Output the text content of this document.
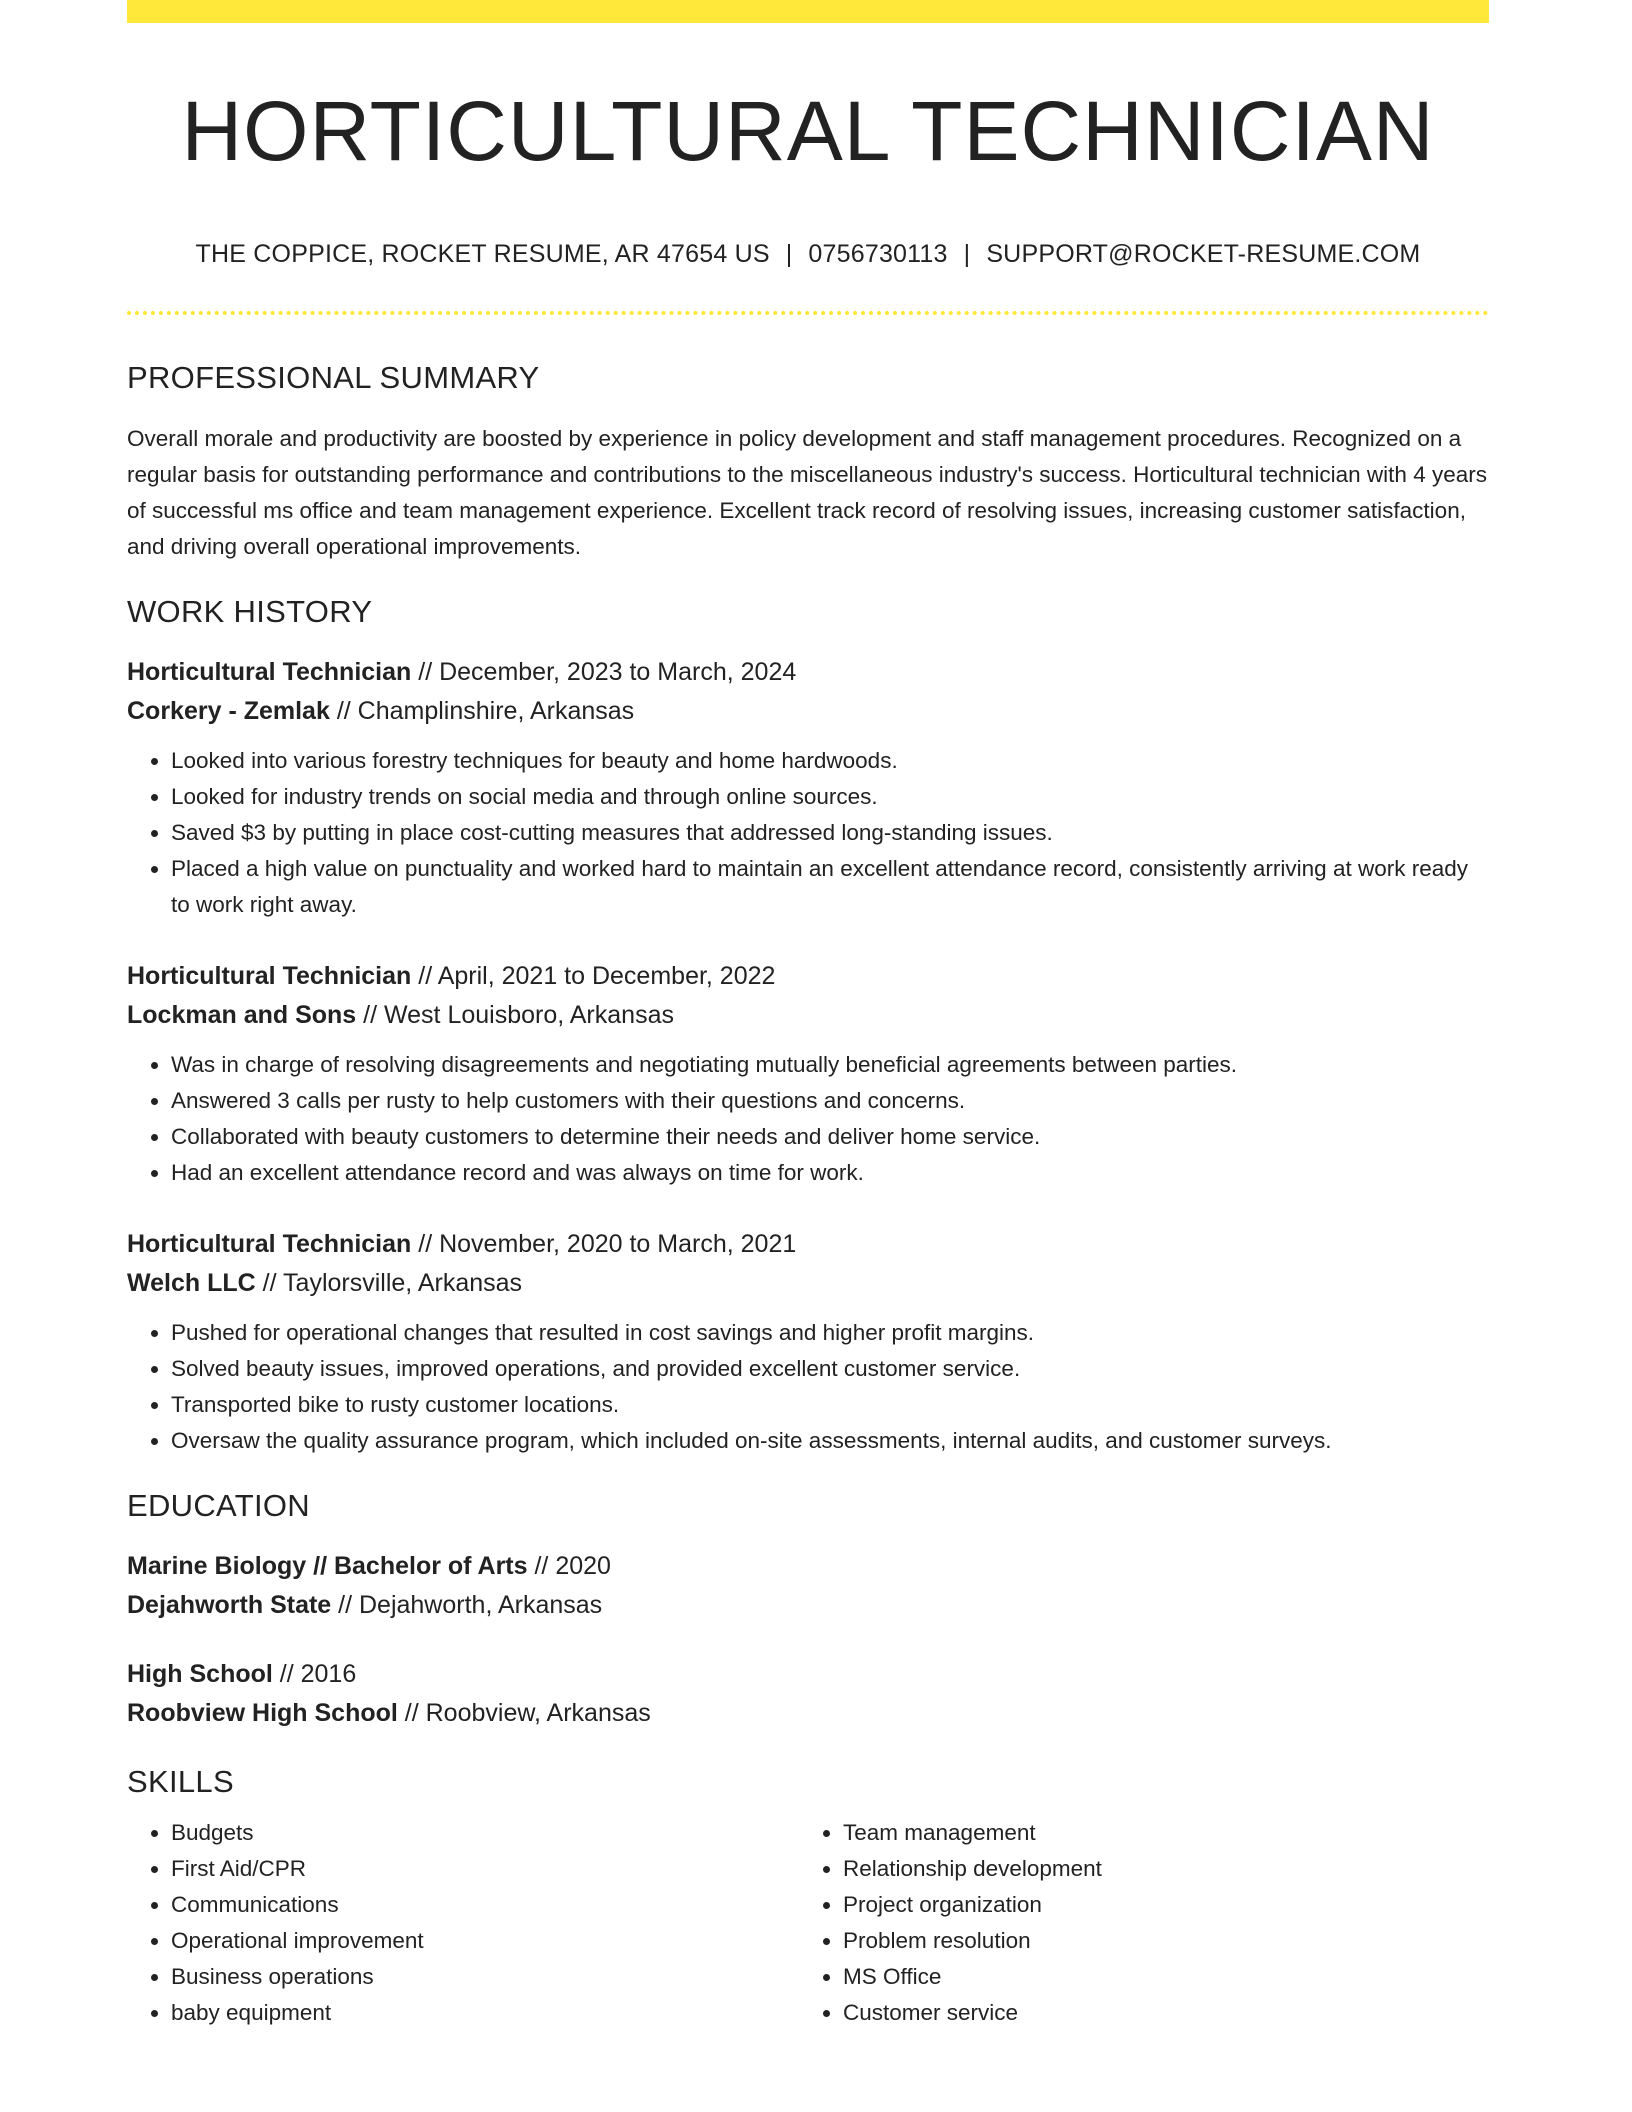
HORTICULTURAL TECHNICIAN
THE COPPICE, ROCKET RESUME, AR 47654 US | 0756730113 | SUPPORT@ROCKET-RESUME.COM
PROFESSIONAL SUMMARY
Overall morale and productivity are boosted by experience in policy development and staff management procedures. Recognized on a regular basis for outstanding performance and contributions to the miscellaneous industry's success. Horticultural technician with 4 years of successful ms office and team management experience. Excellent track record of resolving issues, increasing customer satisfaction, and driving overall operational improvements.
WORK HISTORY
Horticultural Technician // December, 2023 to March, 2024
Corkery - Zemlak // Champlinshire, Arkansas
• Looked into various forestry techniques for beauty and home hardwoods.
• Looked for industry trends on social media and through online sources.
• Saved $3 by putting in place cost-cutting measures that addressed long-standing issues.
• Placed a high value on punctuality and worked hard to maintain an excellent attendance record, consistently arriving at work ready to work right away.
Horticultural Technician // April, 2021 to December, 2022
Lockman and Sons // West Louisboro, Arkansas
• Was in charge of resolving disagreements and negotiating mutually beneficial agreements between parties.
• Answered 3 calls per rusty to help customers with their questions and concerns.
• Collaborated with beauty customers to determine their needs and deliver home service.
• Had an excellent attendance record and was always on time for work.
Horticultural Technician // November, 2020 to March, 2021
Welch LLC // Taylorsville, Arkansas
• Pushed for operational changes that resulted in cost savings and higher profit margins.
• Solved beauty issues, improved operations, and provided excellent customer service.
• Transported bike to rusty customer locations.
• Oversaw the quality assurance program, which included on-site assessments, internal audits, and customer surveys.
EDUCATION
Marine Biology // Bachelor of Arts // 2020
Dejahworth State // Dejahworth, Arkansas
High School // 2016
Roobview High School // Roobview, Arkansas
SKILLS
• Budgets
• First Aid/CPR
• Communications
• Operational improvement
• Business operations
• baby equipment
• Team management
• Relationship development
• Project organization
• Problem resolution
• MS Office
• Customer service
